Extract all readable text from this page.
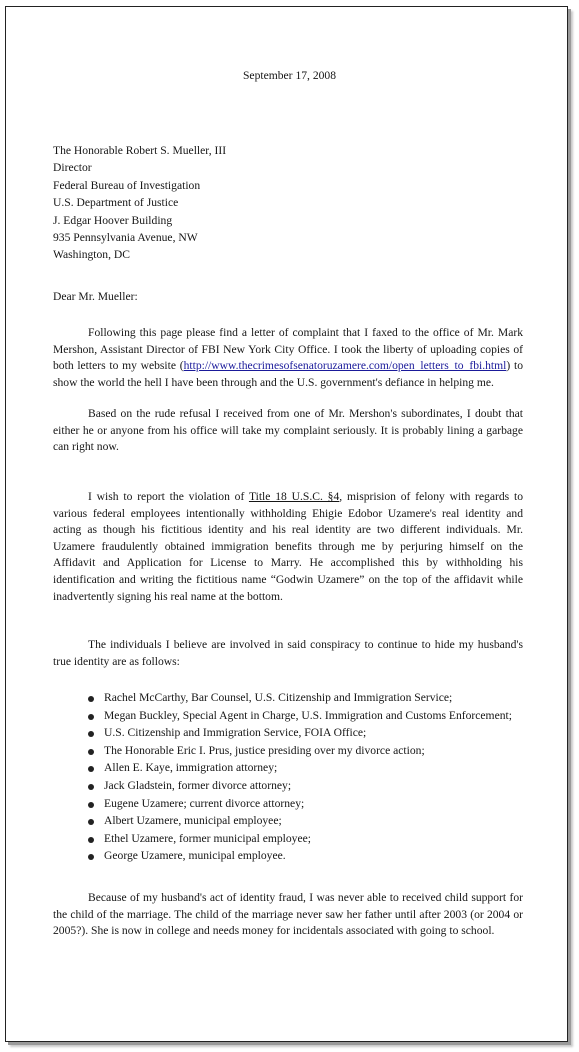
September 17, 2008
The Honorable Robert S. Mueller, III
Director
Federal Bureau of Investigation
U.S. Department of Justice
J. Edgar Hoover Building
935 Pennsylvania Avenue, NW
Washington, DC
Dear Mr. Mueller:
Following this page please find a letter of complaint that I faxed to the office of Mr. Mark Mershon, Assistant Director of FBI New York City Office. I took the liberty of uploading copies of both letters to my website (http://www.thecrimesofsenatoruzamere.com/open_letters_to_fbi.html) to show the world the hell I have been through and the U.S. government's defiance in helping me.
Based on the rude refusal I received from one of Mr. Mershon's subordinates, I doubt that either he or anyone from his office will take my complaint seriously. It is probably lining a garbage can right now.
I wish to report the violation of Title 18 U.S.C. §4, misprision of felony with regards to various federal employees intentionally withholding Ehigie Edobor Uzamere's real identity and acting as though his fictitious identity and his real identity are two different individuals. Mr. Uzamere fraudulently obtained immigration benefits through me by perjuring himself on the Affidavit and Application for License to Marry. He accomplished this by withholding his identification and writing the fictitious name “Godwin Uzamere” on the top of the affidavit while inadvertently signing his real name at the bottom.
The individuals I believe are involved in said conspiracy to continue to hide my husband's true identity are as follows:
Rachel McCarthy, Bar Counsel, U.S. Citizenship and Immigration Service;
Megan Buckley, Special Agent in Charge, U.S. Immigration and Customs Enforcement;
U.S. Citizenship and Immigration Service, FOIA Office;
The Honorable Eric I. Prus, justice presiding over my divorce action;
Allen E. Kaye, immigration attorney;
Jack Gladstein, former divorce attorney;
Eugene Uzamere; current divorce attorney;
Albert Uzamere, municipal employee;
Ethel Uzamere, former municipal employee;
George Uzamere, municipal employee.
Because of my husband's act of identity fraud, I was never able to received child support for the child of the marriage. The child of the marriage never saw her father until after 2003 (or 2004 or 2005?). She is now in college and needs money for incidentals associated with going to school.
